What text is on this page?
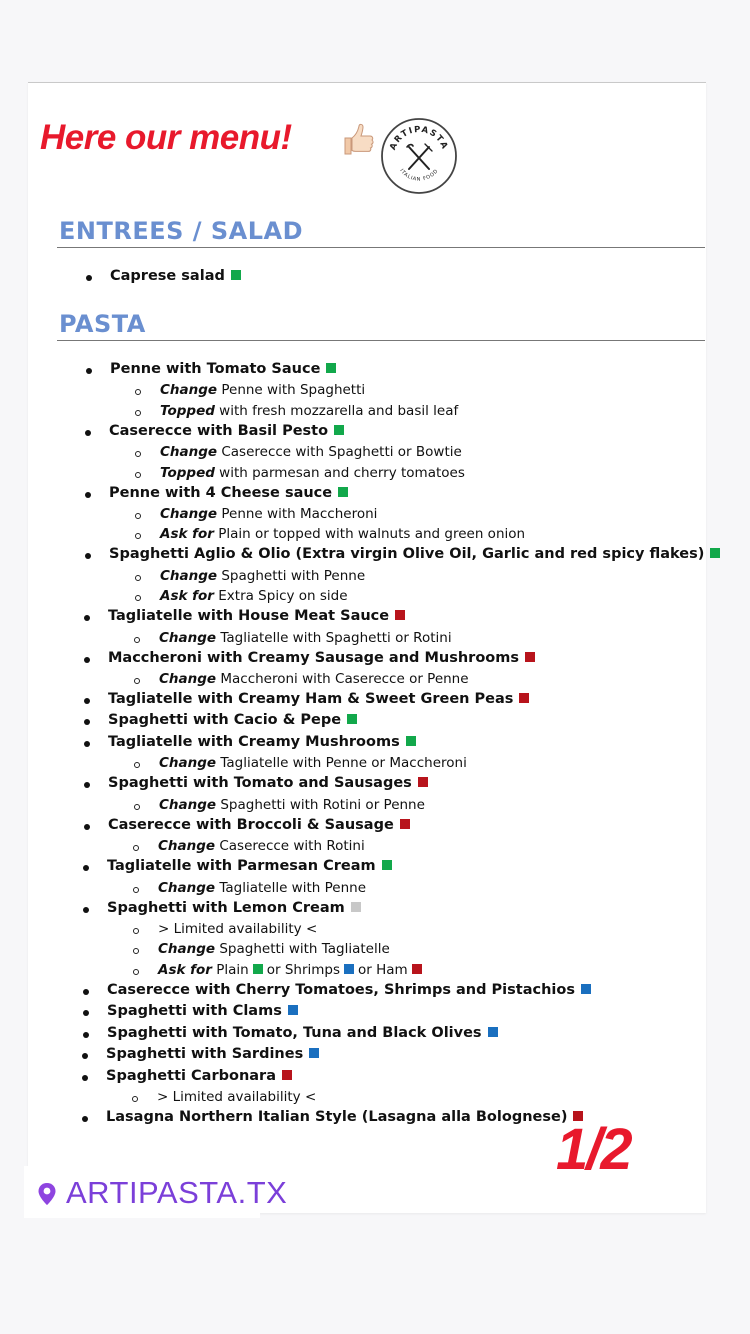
Here our menu!	ARTIPASTA
ITALIAN FOOD
ENTREES / SALAD
PASTA
Caprese salad
Penne with Tomato Sauce
Change Penne with Spaghetti
Topped with fresh mozzarella and basil leaf
Caserecce with Basil Pesto
Change Caserecce with Spaghetti or Bowtie
Topped with parmesan and cherry tomatoes
Penne with 4 Cheese sauce
Change Penne with Maccheroni
Ask for Plain or topped with walnuts and green onion
Spaghetti Aglio & Olio (Extra virgin Olive Oil, Garlic and red spicy flakes)
Change Spaghetti with Penne
Ask for Extra Spicy on side
Tagliatelle with House Meat Sauce
Change Tagliatelle with Spaghetti or Rotini
Maccheroni with Creamy Sausage and Mushrooms
Change Maccheroni with Caserecce or Penne
Tagliatelle with Creamy Ham & Sweet Green Peas
Spaghetti with Cacio & Pepe
Tagliatelle with Creamy Mushrooms
Change Tagliatelle with Penne or Maccheroni
Spaghetti with Tomato and Sausages
Change Spaghetti with Rotini or Penne
Caserecce with Broccoli & Sausage
Change Caserecce with Rotini
Tagliatelle with Parmesan Cream
Change Tagliatelle with Penne
Spaghetti with Lemon Cream
> Limited availability <
Change Spaghetti with Tagliatelle
Ask for Plain or Shrimps or Ham
Caserecce with Cherry Tomatoes, Shrimps and Pistachios
Spaghetti with Clams
Spaghetti with Tomato, Tuna and Black Olives
Spaghetti with Sardines
Spaghetti Carbonara
> Limited availability <
Lasagna Northern Italian Style (Lasagna alla Bolognese)
1/2
ARTIPASTA.TX
